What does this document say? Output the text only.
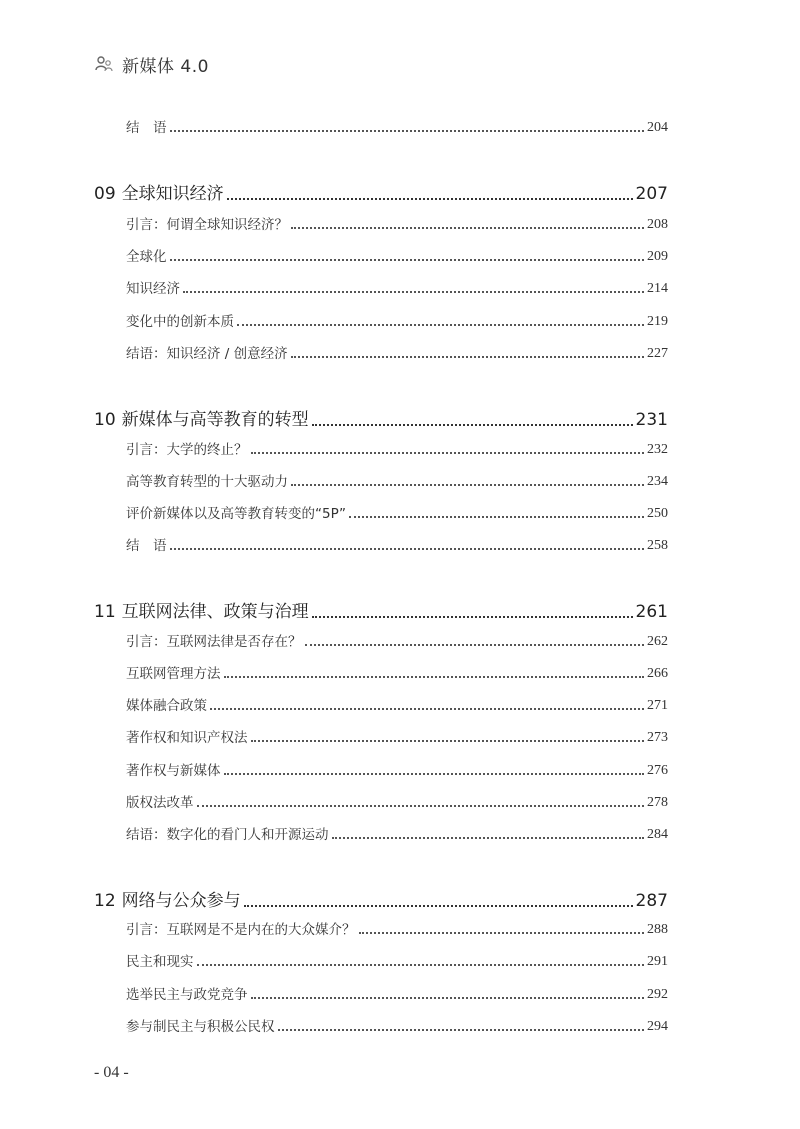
新媒体 4.0
结　语	204
09 全球知识经济	207
引言：何谓全球知识经济？	208
全球化	209
知识经济	214
变化中的创新本质	219
结语：知识经济 / 创意经济	227
10 新媒体与高等教育的转型	231
引言：大学的终止？	232
高等教育转型的十大驱动力	234
评价新媒体以及高等教育转变的“5P”	250
结　语	258
11 互联网法律、政策与治理	261
引言：互联网法律是否存在？	262
互联网管理方法	266
媒体融合政策	271
著作权和知识产权法	273
著作权与新媒体	276
版权法改革	278
结语：数字化的看门人和开源运动	284
12 网络与公众参与	287
引言：互联网是不是内在的大众媒介？	288
民主和现实	291
选举民主与政党竞争	292
参与制民主与积极公民权	294
- 04 -
